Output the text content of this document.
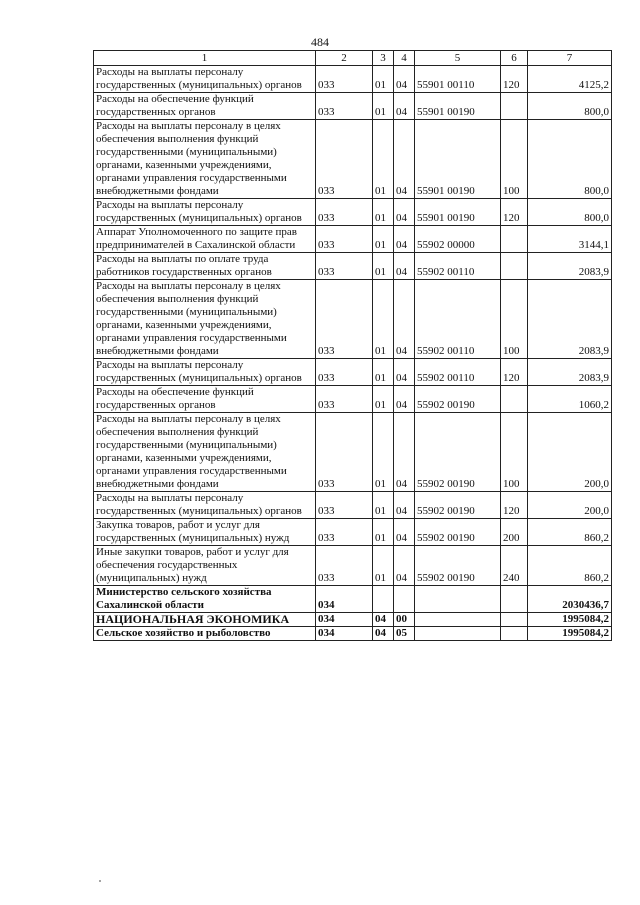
484
1	2	3	4	5	6	7
Расходы на выплаты персоналу государственных (муниципальных) органов	033	01	04	55901 00110	120	4125,2
Расходы на обеспечение функций государственных органов	033	01	04	55901 00190		800,0
Расходы на выплаты персоналу в целях обеспечения выполнения функций государственными (муниципальными) органами, казенными учреждениями, органами управления государственными внебюджетными фондами	033	01	04	55901 00190	100	800,0
Расходы на выплаты персоналу государственных (муниципальных) органов	033	01	04	55901 00190	120	800,0
Аппарат Уполномоченного по защите прав предпринимателей в Сахалинской области	033	01	04	55902 00000		3144,1
Расходы на выплаты по оплате труда работников государственных органов	033	01	04	55902 00110		2083,9
Расходы на выплаты персоналу в целях обеспечения выполнения функций государственными (муниципальными) органами, казенными учреждениями, органами управления государственными внебюджетными фондами	033	01	04	55902 00110	100	2083,9
Расходы на выплаты персоналу государственных (муниципальных) органов	033	01	04	55902 00110	120	2083,9
Расходы на обеспечение функций государственных органов	033	01	04	55902 00190		1060,2
Расходы на выплаты персоналу в целях обеспечения выполнения функций государственными (муниципальными) органами, казенными учреждениями, органами управления государственными внебюджетными фондами	033	01	04	55902 00190	100	200,0
Расходы на выплаты персоналу государственных (муниципальных) органов	033	01	04	55902 00190	120	200,0
Закупка товаров, работ и услуг для государственных (муниципальных) нужд	033	01	04	55902 00190	200	860,2
Иные закупки товаров, работ и услуг для обеспечения государственных (муниципальных) нужд	033	01	04	55902 00190	240	860,2
Министерство сельского хозяйства Сахалинской области	034					2030436,7
НАЦИОНАЛЬНАЯ ЭКОНОМИКА	034	04	00			1995084,2
Сельское хозяйство и рыболовство	034	04	05			1995084,2
